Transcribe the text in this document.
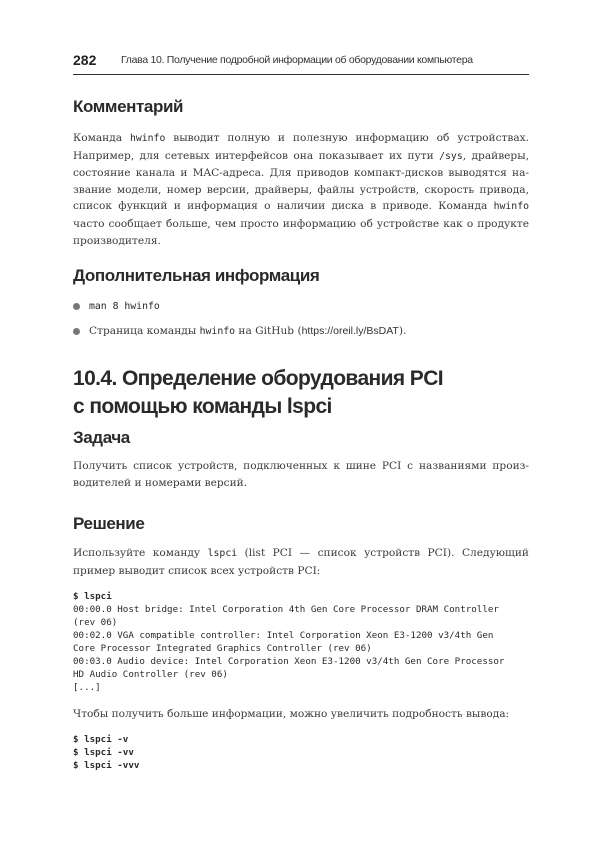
282 Глава 10. Получение подробной информации об оборудовании компьютера
Комментарий
Команда hwinfo выводит полную и полезную информацию об устройствах.
Например, для сетевых интерфейсов она показывает их пути /sys, драйверы,
состояние канала и MAC-адреса. Для приводов компакт-дисков выводятся на-
звание модели, номер версии, драйверы, файлы устройств, скорость привода,
список функций и информация о наличии диска в приводе. Команда hwinfo
часто сообщает больше, чем просто информацию об устройстве как о продукте
производителя.
Дополнительная информация
man 8 hwinfo
Страница команды hwinfo на GitHub (https://oreil.ly/BsDAT).
10.4. Определение оборудования PCI
с помощью команды lspci
Задача
Получить список устройств, подключенных к шине PCI с названиями произ-
водителей и номерами версий.
Решение
Используйте команду lspci (list PCI — список устройств PCI). Следующий
пример выводит список всех устройств PCI:
$ lspci
00:00.0 Host bridge: Intel Corporation 4th Gen Core Processor DRAM Controller
(rev 06)
00:02.0 VGA compatible controller: Intel Corporation Xeon E3-1200 v3/4th Gen
Core Processor Integrated Graphics Controller (rev 06)
00:03.0 Audio device: Intel Corporation Xeon E3-1200 v3/4th Gen Core Processor
HD Audio Controller (rev 06)
[...]
Чтобы получить больше информации, можно увеличить подробность вывода:
$ lspci -v
$ lspci -vv
$ lspci -vvv
